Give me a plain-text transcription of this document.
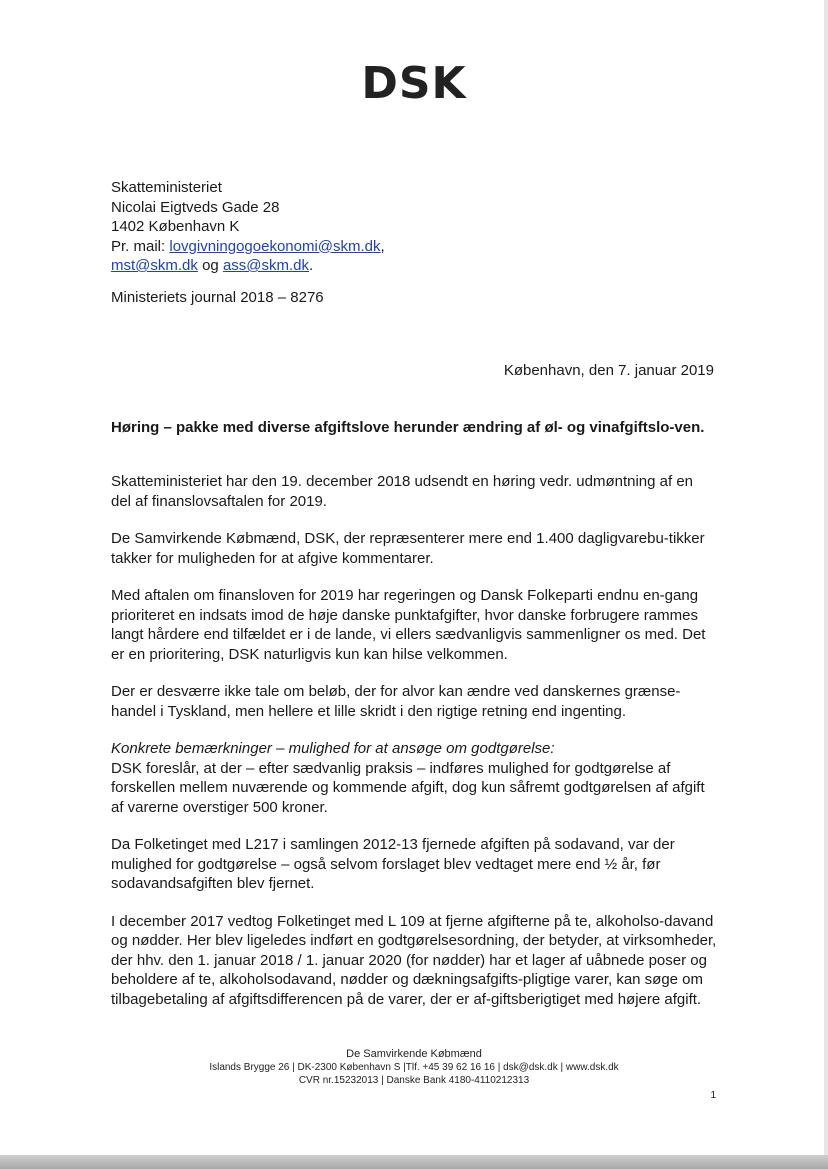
DSK
Skatteministeriet
Nicolai Eigtveds Gade 28
1402 København K
Pr. mail: lovgivningogoekonomi@skm.dk,
mst@skm.dk og ass@skm.dk.
Ministeriets journal 2018 – 8276
København, den 7. januar 2019
Høring – pakke med diverse afgiftslove herunder ændring af øl- og vinafgiftslo-ven.

Skatteministeriet har den 19. december 2018 udsendt en høring vedr. udmøntning af en del af finanslovsaftalen for 2019.

De Samvirkende Købmænd, DSK, der repræsenterer mere end 1.400 dagligvarebu-tikker takker for muligheden for at afgive kommentarer.

Med aftalen om finansloven for 2019 har regeringen og Dansk Folkeparti endnu en-gang prioriteret en indsats imod de høje danske punktafgifter, hvor danske forbrugere rammes langt hårdere end tilfældet er i de lande, vi ellers sædvanligvis sammenligner os med. Det er en prioritering, DSK naturligvis kun kan hilse velkommen.

Der er desværre ikke tale om beløb, der for alvor kan ændre ved danskernes grænse-handel i Tyskland, men hellere et lille skridt i den rigtige retning end ingenting.

Konkrete bemærkninger – mulighed for at ansøge om godtgørelse:

DSK foreslår, at der – efter sædvanlig praksis – indføres mulighed for godtgørelse af forskellen mellem nuværende og kommende afgift, dog kun såfremt godtgørelsen af afgift af varerne overstiger 500 kroner.

Da Folketinget med L217 i samlingen 2012-13 fjernede afgiften på sodavand, var der mulighed for godtgørelse – også selvom forslaget blev vedtaget mere end ½ år, før sodavandsafgiften blev fjernet.

I december 2017 vedtog Folketinget med L 109 at fjerne afgifterne på te, alkoholso-davand og nødder. Her blev ligeledes indført en godtgørelsesordning, der betyder, at virksomheder, der hhv. den 1. januar 2018 / 1. januar 2020 (for nødder) har et lager af uåbnede poser og beholdere af te, alkoholsodavand, nødder og dækningsafgifts-pligtige varer, kan søge om tilbagebetaling af afgiftsdifferencen på de varer, der er af-giftsberigtiget med højere afgift.

De Samvirkende Købmænd
Islands Brygge 26 | DK-2300 København S |Tlf. +45 39 62 16 16 | dsk@dsk.dk | www.dsk.dk
CVR nr.15232013 | Danske Bank 4180-4110212313
1
